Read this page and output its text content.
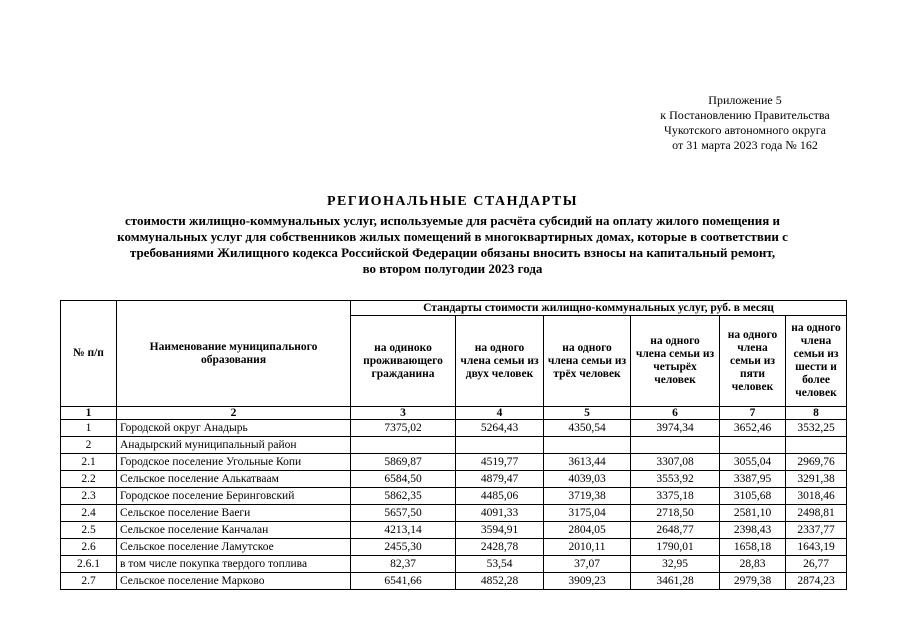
Приложение 5
к Постановлению Правительства
Чукотского автономного округа
от 31 марта 2023 года № 162
РЕГИОНАЛЬНЫЕ СТАНДАРТЫ
стоимости жилищно-коммунальных услуг, используемые для расчёта субсидий на оплату жилого помещения и
коммунальных услуг для собственников жилых помещений в многоквартирных домах, которые в соответствии с
требованиями Жилищного кодекса Российской Федерации обязаны вносить взносы на капитальный ремонт,
во втором полугодии 2023 года
№ п/п	Наименование муниципального образования	Стандарты стоимости жилищно-коммунальных услуг, руб. в месяц					
		на одиноко проживающего гражданина	на одного члена семьи из двух человек	на одного члена семьи из трёх человек	на одного члена семьи из четырёх человек	на одного члена семьи из пяти человек	на одного члена семьи из шести и более человек
1	2	3	4	5	6	7	8
1	Городской округ Анадырь	7375,02	5264,43	4350,54	3974,34	3652,46	3532,25
2	Анадырский муниципальный район						
2.1	Городское поселение Угольные Копи	5869,87	4519,77	3613,44	3307,08	3055,04	2969,76
2.2	Сельское поселение Алькатваам	6584,50	4879,47	4039,03	3553,92	3387,95	3291,38
2.3	Городское поселение Беринговский	5862,35	4485,06	3719,38	3375,18	3105,68	3018,46
2.4	Сельское поселение Ваеги	5657,50	4091,33	3175,04	2718,50	2581,10	2498,81
2.5	Сельское поселение Канчалан	4213,14	3594,91	2804,05	2648,77	2398,43	2337,77
2.6	Сельское поселение Ламутское	2455,30	2428,78	2010,11	1790,01	1658,18	1643,19
2.6.1	в том числе покупка твердого топлива	82,37	53,54	37,07	32,95	28,83	26,77
2.7	Сельское поселение Марково	6541,66	4852,28	3909,23	3461,28	2979,38	2874,23
